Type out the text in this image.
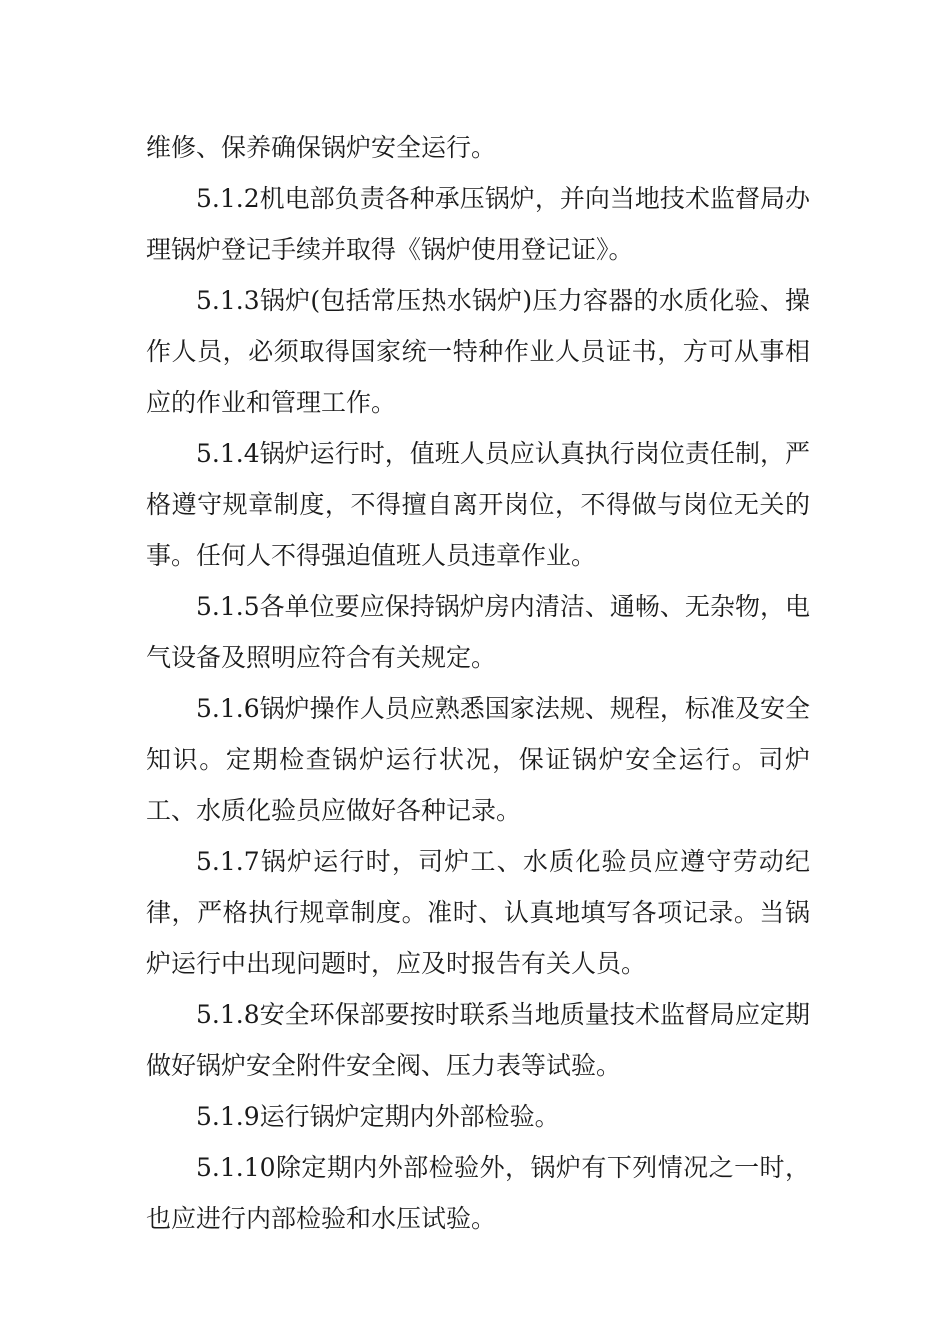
维修、保养确保锅炉安全运行。

5.1.2机电部负责各种承压锅炉，并向当地技术监督局办理锅炉登记手续并取得《锅炉使用登记证》。

5.1.3锅炉(包括常压热水锅炉)压力容器的水质化验、操作人员，必须取得国家统一特种作业人员证书，方可从事相应的作业和管理工作。

5.1.4锅炉运行时，值班人员应认真执行岗位责任制，严格遵守规章制度，不得擅自离开岗位，不得做与岗位无关的事。任何人不得强迫值班人员违章作业。

5.1.5各单位要应保持锅炉房内清洁、通畅、无杂物，电气设备及照明应符合有关规定。

5.1.6锅炉操作人员应熟悉国家法规、规程，标准及安全知识。定期检查锅炉运行状况，保证锅炉安全运行。司炉工、水质化验员应做好各种记录。

5.1.7锅炉运行时，司炉工、水质化验员应遵守劳动纪律，严格执行规章制度。准时、认真地填写各项记录。当锅炉运行中出现问题时，应及时报告有关人员。

5.1.8安全环保部要按时联系当地质量技术监督局应定期做好锅炉安全附件安全阀、压力表等试验。

5.1.9运行锅炉定期内外部检验。

5.1.10除定期内外部检验外，锅炉有下列情况之一时，也应进行内部检验和水压试验。
